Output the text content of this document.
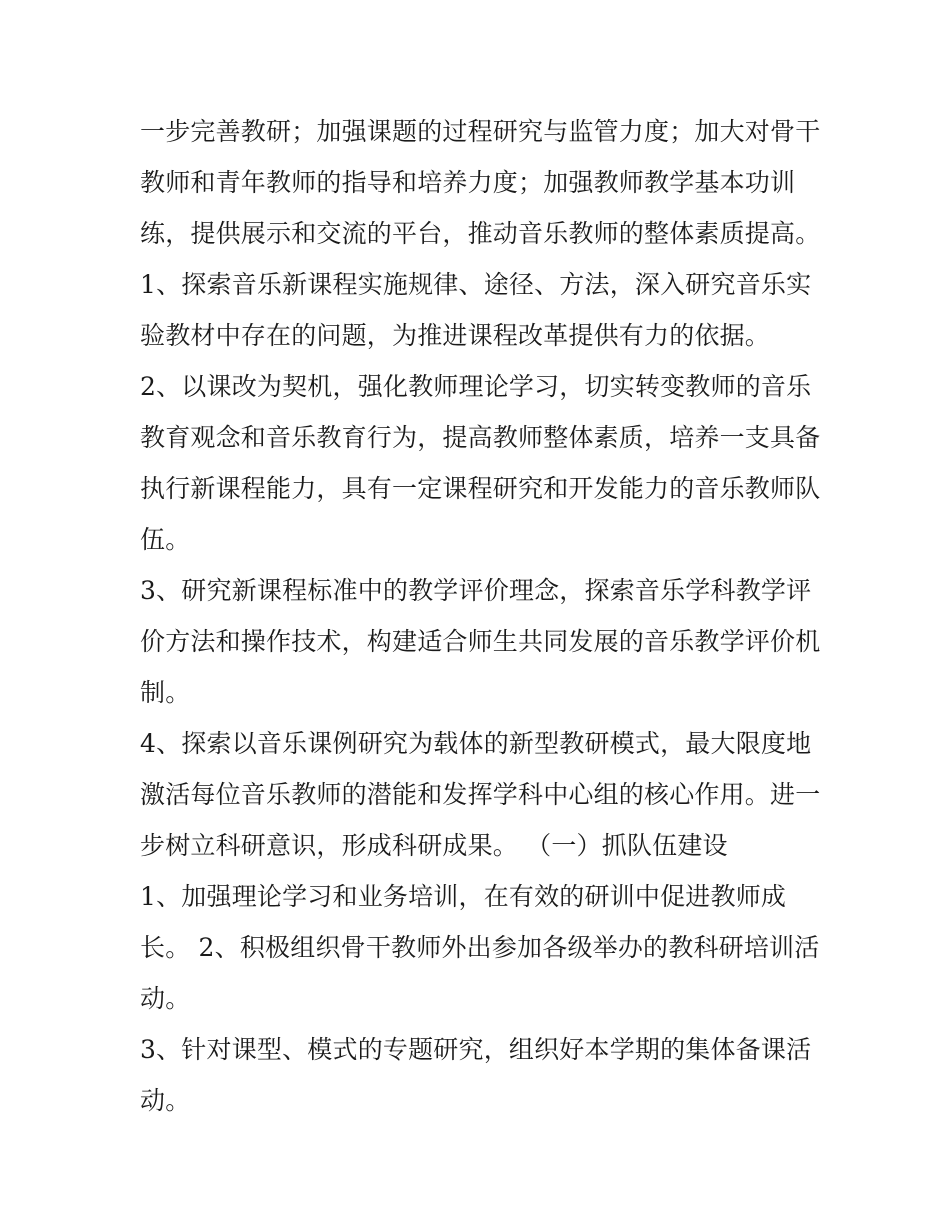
一步完善教研；加强课题的过程研究与监管力度；加大对骨干
教师和青年教师的指导和培养力度；加强教师教学基本功训
练，提供展示和交流的平台，推动音乐教师的整体素质提高。

1、探索音乐新课程实施规律、途径、方法，深入研究音乐实
验教材中存在的问题，为推进课程改革提供有力的依据。

2、以课改为契机，强化教师理论学习，切实转变教师的音乐
教育观念和音乐教育行为，提高教师整体素质，培养一支具备
执行新课程能力，具有一定课程研究和开发能力的音乐教师队
伍。

3、研究新课程标准中的教学评价理念，探索音乐学科教学评
价方法和操作技术，构建适合师生共同发展的音乐教学评价机
制。

4、探索以音乐课例研究为载体的新型教研模式，最大限度地
激活每位音乐教师的潜能和发挥学科中心组的核心作用。进一
步树立科研意识，形成科研成果。 （一）抓队伍建设

1、加强理论学习和业务培训，在有效的研训中促进教师成
长。 2、积极组织骨干教师外出参加各级举办的教科研培训活
动。

3、针对课型、模式的专题研究，组织好本学期的集体备课活
动。
